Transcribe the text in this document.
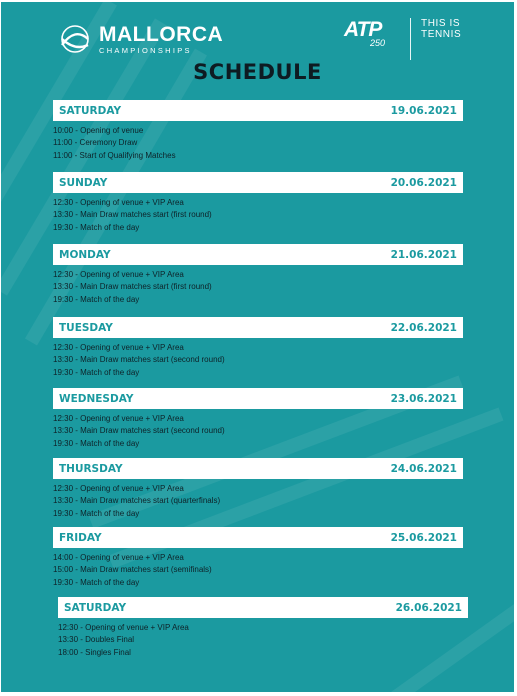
MALLORCA
CHAMPIONSHIPS
ATP
250
THIS IS
TENNIS
SCHEDULE
SATURDAY	19.06.2021
10:00 - Opening of venue
11:00 - Ceremony Draw
11:00 - Start of Qualifying Matches
SUNDAY	20.06.2021
12:30 - Opening of venue + VIP Area
13:30 - Main Draw matches start (first round)
19:30 - Match of the day
MONDAY	21.06.2021
12:30 - Opening of venue + VIP Area
13:30 - Main Draw matches start (first round)
19:30 - Match of the day
TUESDAY	22.06.2021
12:30 - Opening of venue + VIP Area
13:30 - Main Draw matches start (second round)
19:30 - Match of the day
WEDNESDAY	23.06.2021
12:30 - Opening of venue + VIP Area
13:30 - Main Draw matches start (second round)
19:30 - Match of the day
THURSDAY	24.06.2021
12:30 - Opening of venue + VIP Area
13:30 - Main Draw matches start (quarterfinals)
19:30 - Match of the day
FRIDAY	25.06.2021
14:00 - Opening of venue + VIP Area
15:00 - Main Draw matches start (semifinals)
19:30 - Match of the day
SATURDAY	26.06.2021
12:30 - Opening of venue + VIP Area
13:30 - Doubles Final
18:00 - Singles Final
